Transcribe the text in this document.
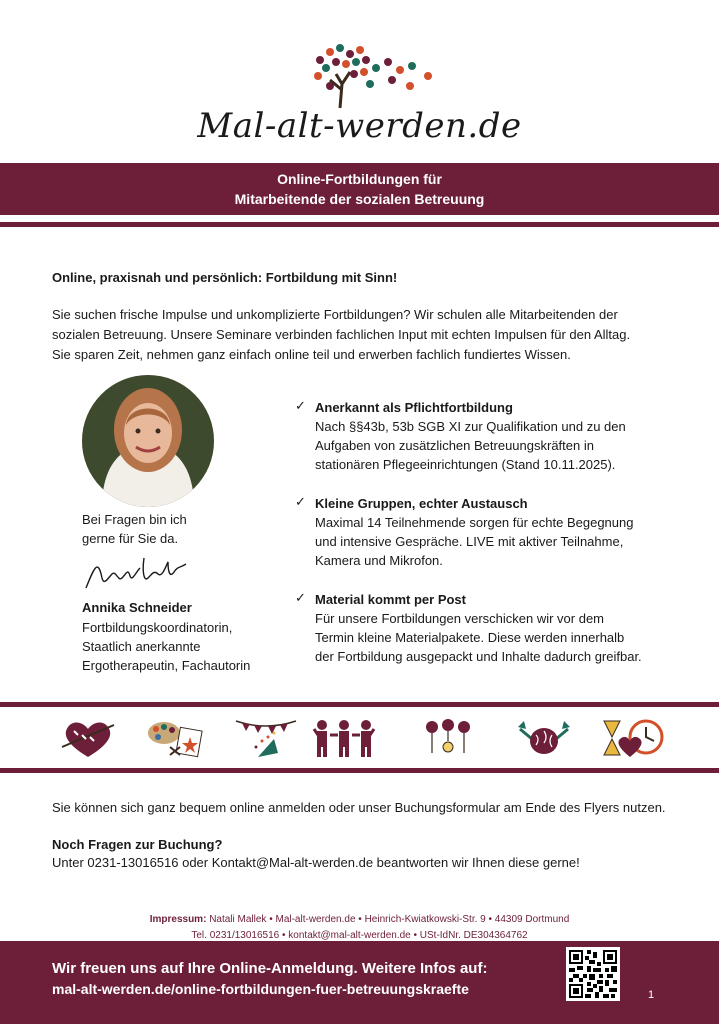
Mal-alt-werden.de
Online-Fortbildungen für
Mitarbeitende der sozialen Betreuung
Online, praxisnah und persönlich: Fortbildung mit Sinn!
Sie suchen frische Impulse und unkomplizierte Fortbildungen? Wir schulen alle Mitarbeitenden der
sozialen Betreuung. Unsere Seminare verbinden fachlichen Input mit echten Impulsen für den Alltag.
Sie sparen Zeit, nehmen ganz einfach online teil und erwerben fachlich fundiertes Wissen.
Bei Fragen bin ich
gerne für Sie da.
Annika Schneider
Fortbildungskoordinatorin,
Staatlich anerkannte
Ergotherapeutin, Fachautorin
✓ Anerkannt als Pflichtfortbildung
Nach §§43b, 53b SGB XI zur Qualifikation und zu den
Aufgaben von zusätzlichen Betreuungskräften in
stationären Pflegeeinrichtungen (Stand 10.11.2025).
✓ Kleine Gruppen, echter Austausch
Maximal 14 Teilnehmende sorgen für echte Begegnung
und intensive Gespräche. LIVE mit aktiver Teilnahme,
Kamera und Mikrofon.
✓ Material kommt per Post
Für unsere Fortbildungen verschicken wir vor dem
Termin kleine Materialpakete. Diese werden innerhalb
der Fortbildung ausgepackt und Inhalte dadurch greifbar.
Sie können sich ganz bequem online anmelden oder unser Buchungsformular am Ende des Flyers nutzen.
Noch Fragen zur Buchung?
Unter 0231-13016516 oder Kontakt@Mal-alt-werden.de beantworten wir Ihnen diese gerne!
Impressum: Natali Mallek • Mal-alt-werden.de • Heinrich-Kwiatkowski-Str. 9 • 44309 Dortmund
Tel. 0231/13016516 • kontakt@mal-alt-werden.de • USt-IdNr. DE304364762
Wir freuen uns auf Ihre Online-Anmeldung. Weitere Infos auf:
mal-alt-werden.de/online-fortbildungen-fuer-betreuungskraefte	1
